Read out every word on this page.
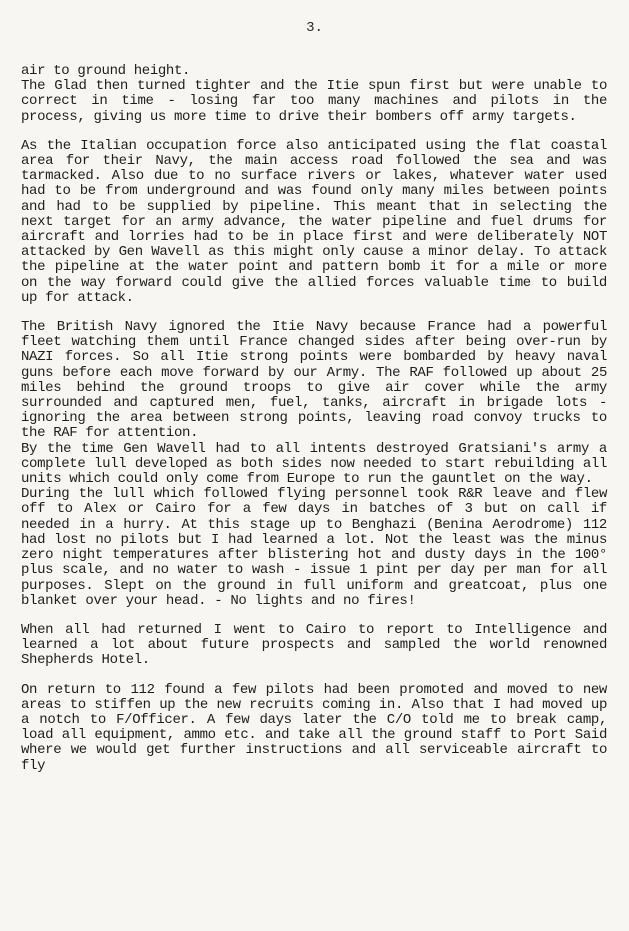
3.

air to ground height.

The Glad then turned tighter and the Itie spun first but were unable to correct in time - losing far too many machines and pilots in the process, giving us more time to drive their bombers off army targets.

As the Italian occupation force also anticipated using the flat coastal area for their Navy, the main access road followed the sea and was tarmacked. Also due to no surface rivers or lakes, whatever water used had to be from underground and was found only many miles between points and had to be supplied by pipeline. This meant that in selecting the next target for an army advance, the water pipeline and fuel drums for aircraft and lorries had to be in place first and were deliberately NOT attacked by Gen Wavell as this might only cause a minor delay. To attack the pipeline at the water point and pattern bomb it for a mile or more on the way forward could give the allied forces valuable time to build up for attack.

The British Navy ignored the Itie Navy because France had a powerful fleet watching them until France changed sides after being over-run by NAZI forces. So all Itie strong points were bombarded by heavy naval guns before each move forward by our Army. The RAF followed up about 25 miles behind the ground troops to give air cover while the army surrounded and captured men, fuel, tanks, aircraft in brigade lots - ignoring the area between strong points, leaving road convoy trucks to the RAF for attention.

By the time Gen Wavell had to all intents destroyed Gratsiani's army a complete lull developed as both sides now needed to start rebuilding all units which could only come from Europe to run the gauntlet on the way.

During the lull which followed flying personnel took R&R leave and flew off to Alex or Cairo for a few days in batches of 3 but on call if needed in a hurry. At this stage up to Benghazi (Benina Aerodrome) 112 had lost no pilots but I had learned a lot. Not the least was the minus zero night temperatures after blistering hot and dusty days in the 100° plus scale, and no water to wash - issue 1 pint per day per man for all purposes. Slept on the ground in full uniform and greatcoat, plus one blanket over your head. - No lights and no fires!

When all had returned I went to Cairo to report to Intelligence and learned a lot about future prospects and sampled the world renowned Shepherds Hotel.

On return to 112 found a few pilots had been promoted and moved to new areas to stiffen up the new recruits coming in. Also that I had moved up a notch to F/Officer. A few days later the C/O told me to break camp, load all equipment, ammo etc. and take all the ground staff to Port Said where we would get further instructions and all serviceable aircraft to fly
